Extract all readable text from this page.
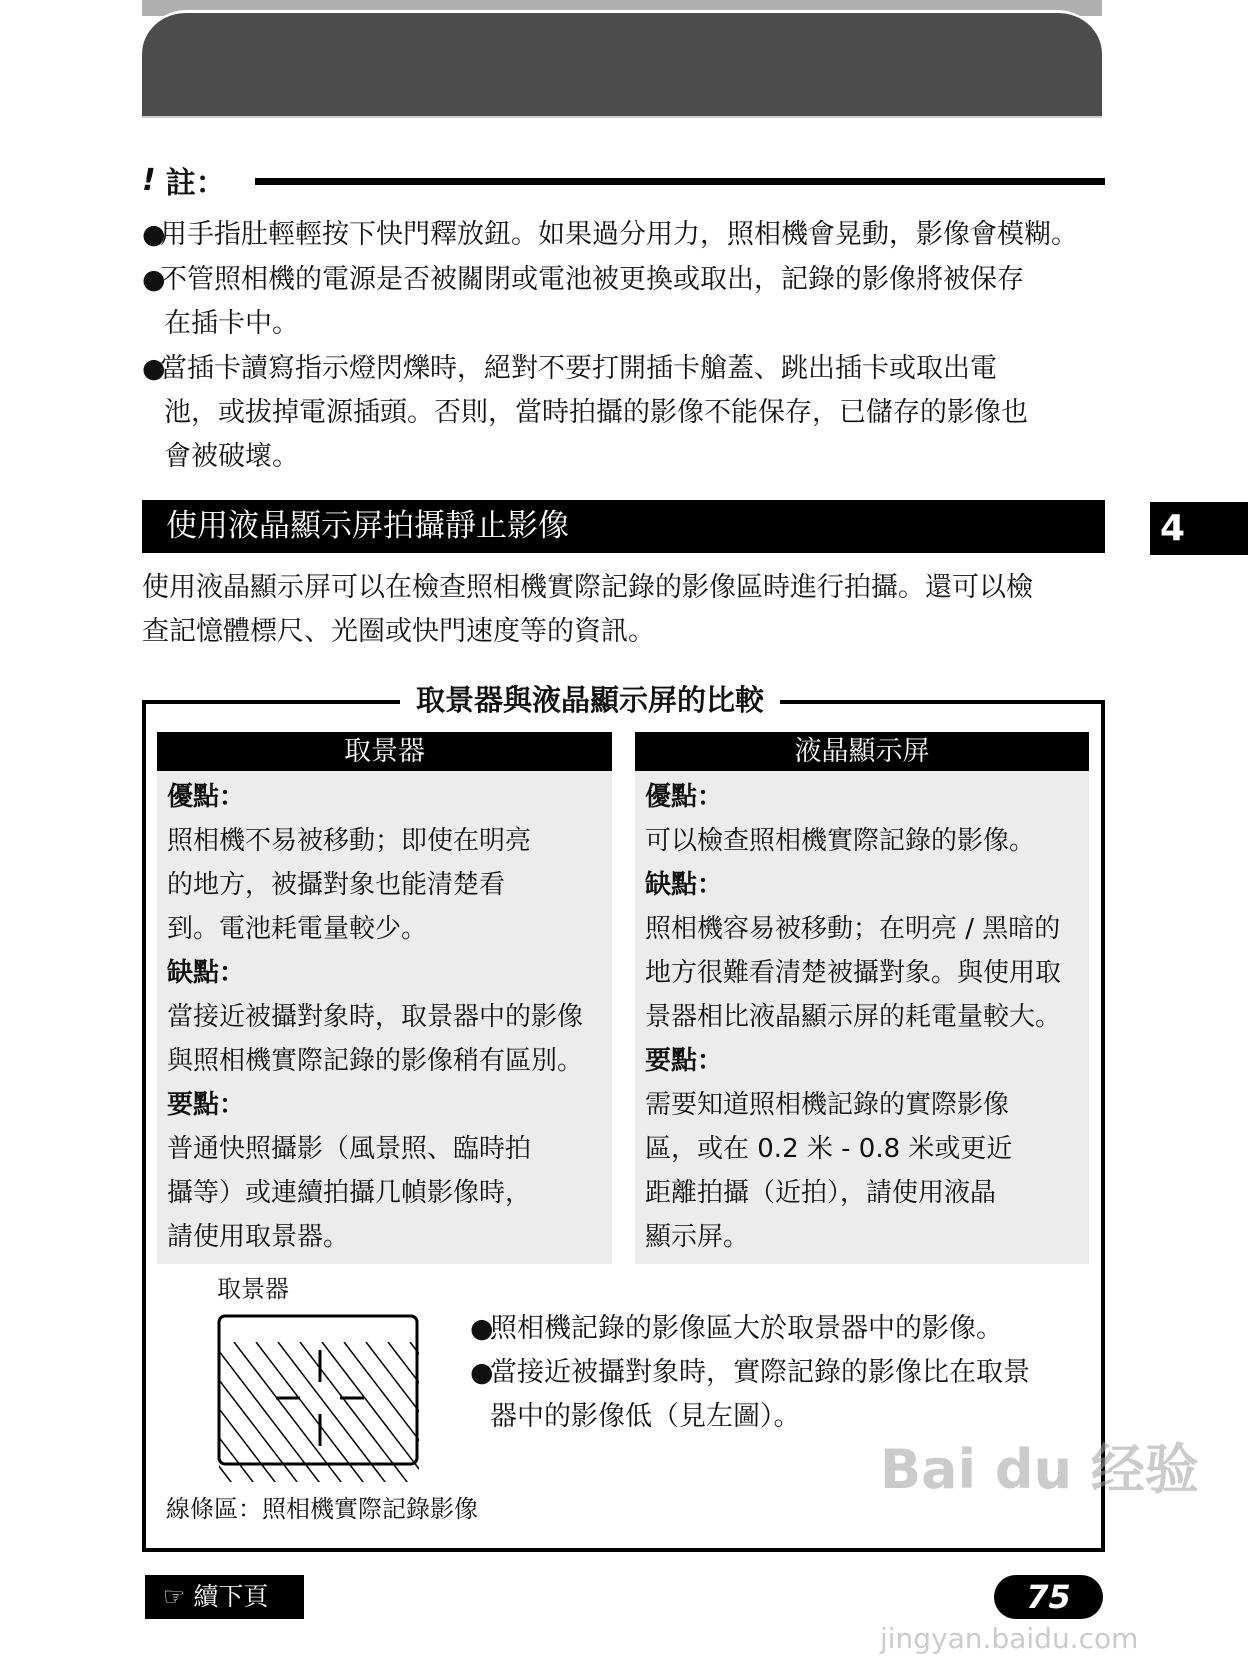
! 註：
●用手指肚輕輕按下快門釋放鈕。如果過分用力，照相機會晃動，影像會模糊。
●不管照相機的電源是否被關閉或電池被更換或取出，記錄的影像將被保存
在插卡中。
●當插卡讀寫指示燈閃爍時，絕對不要打開插卡艙蓋、跳出插卡或取出電
池，或拔掉電源插頭。否則，當時拍攝的影像不能保存，已儲存的影像也
會被破壞。
使用液晶顯示屏拍攝靜止影像	4
使用液晶顯示屏可以在檢查照相機實際記錄的影像區時進行拍攝。還可以檢
查記憶體標尺、光圈或快門速度等的資訊。
取景器與液晶顯示屏的比較
取景器
優點：
照相機不易被移動；即使在明亮
的地方，被攝對象也能清楚看
到。電池耗電量較少。
缺點：
當接近被攝對象時，取景器中的影像
與照相機實際記錄的影像稍有區別。
要點：
普通快照攝影（風景照、臨時拍
攝等）或連續拍攝几幀影像時，
請使用取景器。
液晶顯示屏
優點：
可以檢查照相機實際記錄的影像。
缺點：
照相機容易被移動；在明亮 / 黑暗的
地方很難看清楚被攝對象。與使用取
景器相比液晶顯示屏的耗電量較大。
要點：
需要知道照相機記錄的實際影像
區，或在 0.2 米 - 0.8 米或更近
距離拍攝（近拍），請使用液晶
顯示屏。
取景器
●照相機記錄的影像區大於取景器中的影像。
●當接近被攝對象時，實際記錄的影像比在取景
器中的影像低（見左圖）。
線條區：照相機實際記錄影像
☞ 續下頁	75
Bai du 经验
jingyan.baidu.com
